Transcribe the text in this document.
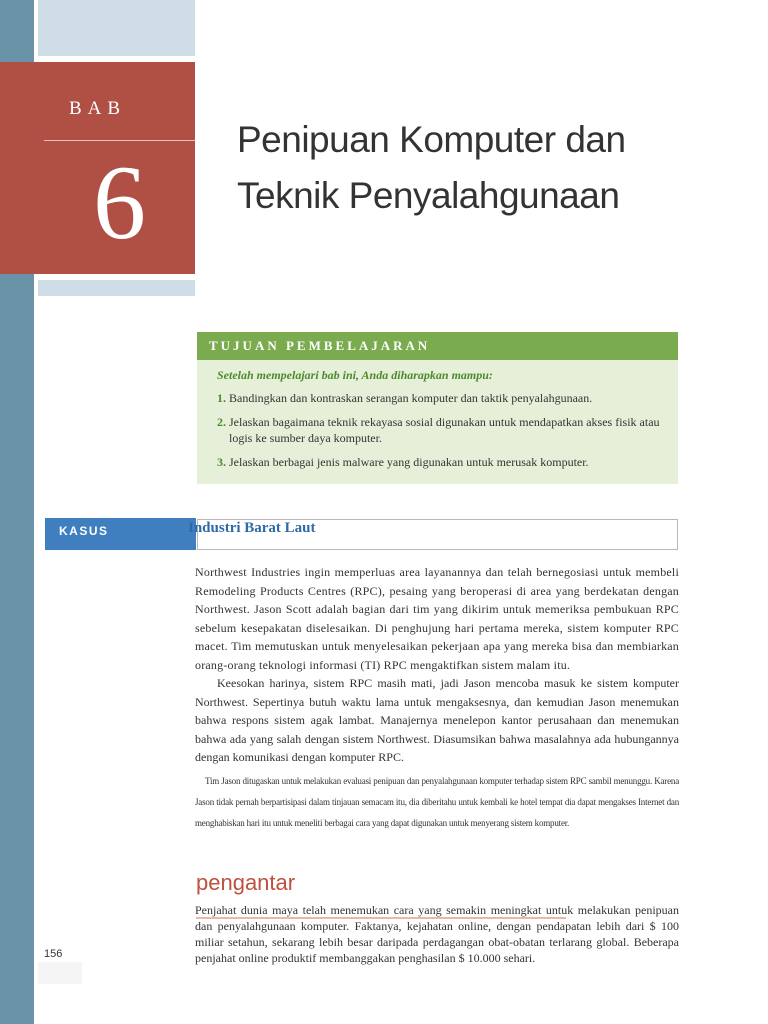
BAB
6
Penipuan Komputer dan
Teknik Penyalahgunaan
TUJUAN PEMBELAJARAN
Setelah mempelajari bab ini, Anda diharapkan mampu:
1. Bandingkan dan kontraskan serangan komputer dan taktik penyalahgunaan.
2. Jelaskan bagaimana teknik rekayasa sosial digunakan untuk mendapatkan akses fisik atau logis ke sumber daya komputer.
3. Jelaskan berbagai jenis malware yang digunakan untuk merusak komputer.
KASUS INTEGRATIF
Industri Barat Laut

Northwest Industries ingin memperluas area layanannya dan telah bernegosiasi untuk membeli Remodeling Products Centres (RPC), pesaing yang beroperasi di area yang berdekatan dengan Northwest. Jason Scott adalah bagian dari tim yang dikirim untuk memeriksa pembukuan RPC sebelum kesepakatan diselesaikan. Di penghujung hari pertama mereka, sistem komputer RPC macet. Tim memutuskan untuk menyelesaikan pekerjaan apa yang mereka bisa dan membiarkan orang-orang teknologi informasi (TI) RPC mengaktifkan sistem malam itu.

Keesokan harinya, sistem RPC masih mati, jadi Jason mencoba masuk ke sistem komputer Northwest. Sepertinya butuh waktu lama untuk mengaksesnya, dan kemudian Jason menemukan bahwa respons sistem agak lambat. Manajernya menelepon kantor perusahaan dan menemukan bahwa ada yang salah dengan sistem Northwest. Diasumsikan bahwa masalahnya ada hubungannya dengan komunikasi dengan komputer RPC.

Tim Jason ditugaskan untuk melakukan evaluasi penipuan dan penyalahgunaan komputer terhadap sistem RPC sambil menunggu. Karena Jason tidak pernah berpartisipasi dalam tinjauan semacam itu, dia diberitahu untuk kembali ke hotel tempat dia dapat mengakses Internet dan menghabiskan hari itu untuk meneliti berbagai cara yang dapat digunakan untuk menyerang sistem komputer.

pengantar

Penjahat dunia maya telah menemukan cara yang semakin meningkat untuk melakukan penipuan dan penyalahgunaan komputer. Faktanya, kejahatan online, dengan pendapatan lebih dari $ 100 miliar setahun, sekarang lebih besar daripada perdagangan obat-obatan terlarang global. Beberapa penjahat online produktif membanggakan penghasilan $ 10.000 sehari.

156
